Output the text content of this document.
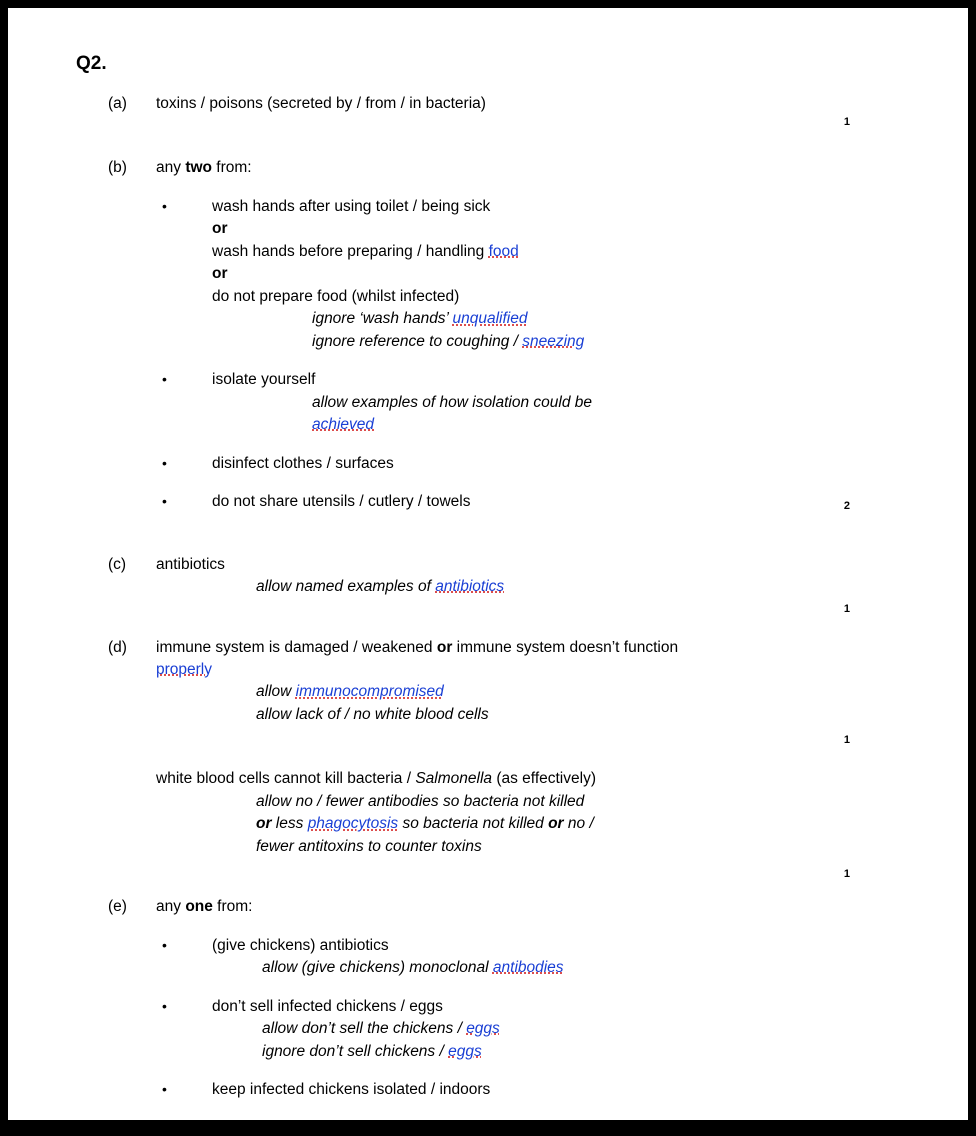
Q2.
(a)	toxins / poisons (secreted by / from / in bacteria)
1
(b)	any two from:
•	wash hands after using toilet / being sick
or
wash hands before preparing / handling food
or
do not prepare food (whilst infected)
ignore ‘wash hands’ unqualified
ignore reference to coughing / sneezing
•	isolate yourself
allow examples of how isolation could be
achieved
•	disinfect clothes / surfaces
•	do not share utensils / cutlery / towels	2
(c)	antibiotics
allow named examples of antibiotics
1
(d)	immune system is damaged / weakened or immune system doesn’t function
properly
allow immunocompromised
allow lack of / no white blood cells
1
white blood cells cannot kill bacteria / Salmonella (as effectively)
allow no / fewer antibodies so bacteria not killed
or less phagocytosis so bacteria not killed or no /
fewer antitoxins to counter toxins
1
(e)	any one from:
•	(give chickens) antibiotics
allow (give chickens) monoclonal antibodies
•	don’t sell infected chickens / eggs
allow don’t sell the chickens / eggs
ignore don’t sell chickens / eggs
•	keep infected chickens isolated / indoors
